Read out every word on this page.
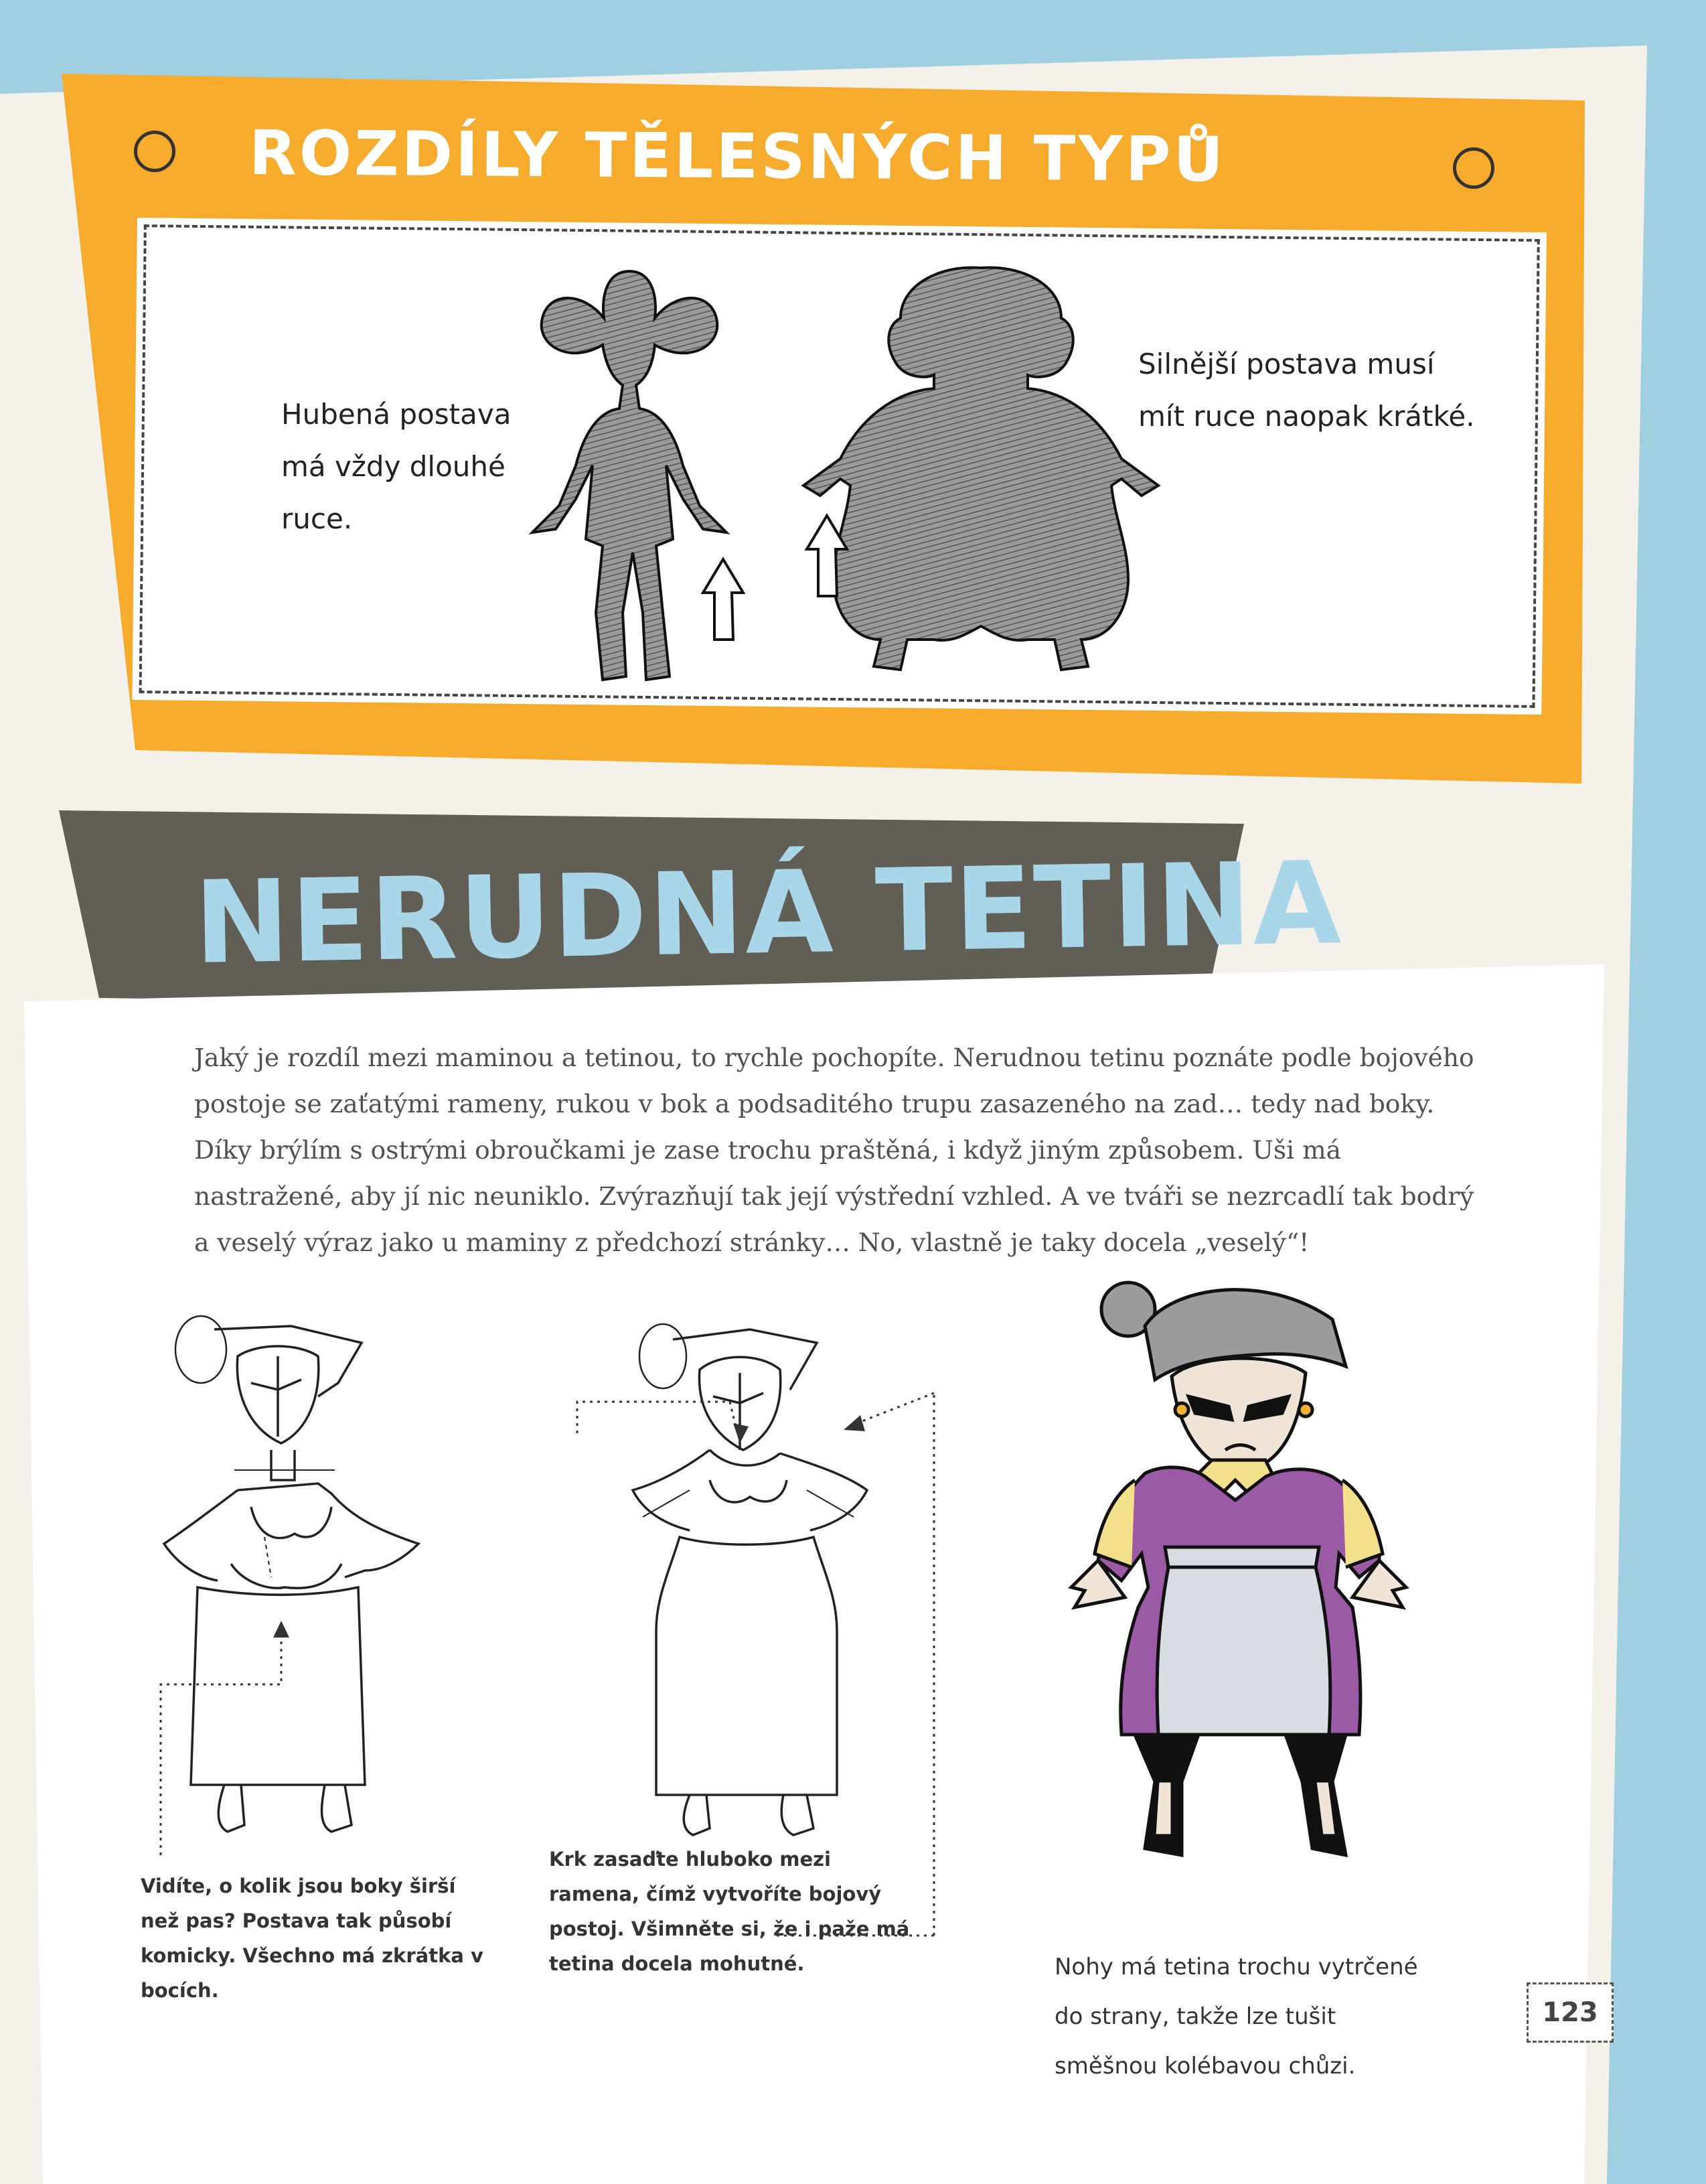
ROZDÍLY TĚLESNÝCH TYPŮ

Hubená postava má vždy dlouhé ruce.

Silnější postava musí mít ruce naopak krátké.

NERUDNÁ TETINA

Jaký je rozdíl mezi maminou a tetinou, to rychle pochopíte. Nerudnou tetinu poznáte podle bojového postoje se zaťatými rameny, rukou v bok a podsaditého trupu zasazeného na zad… tedy nad boky. Díky brýlím s ostrými obroučkami je zase trochu praštěná, i když jiným způsobem. Uši má nastražené, aby jí nic neuniklo. Zvýrazňují tak její výstřední vzhled. A ve tváři se nezrcadlí tak bodrý a veselý výraz jako u maminy z předchozí stránky… No, vlastně je taky docela „veselý“!

Vidíte, o kolik jsou boky širší než pas? Postava tak působí komicky. Všechno má zkrátka v bocích.

Krk zasaďte hluboko mezi ramena, čímž vytvoříte bojový postoj. Všimněte si, že i paže má tetina docela mohutné.	Nohy má tetina trochu vytrčené do strany, takže lze tušit směšnou kolébavou chůzi.

123
